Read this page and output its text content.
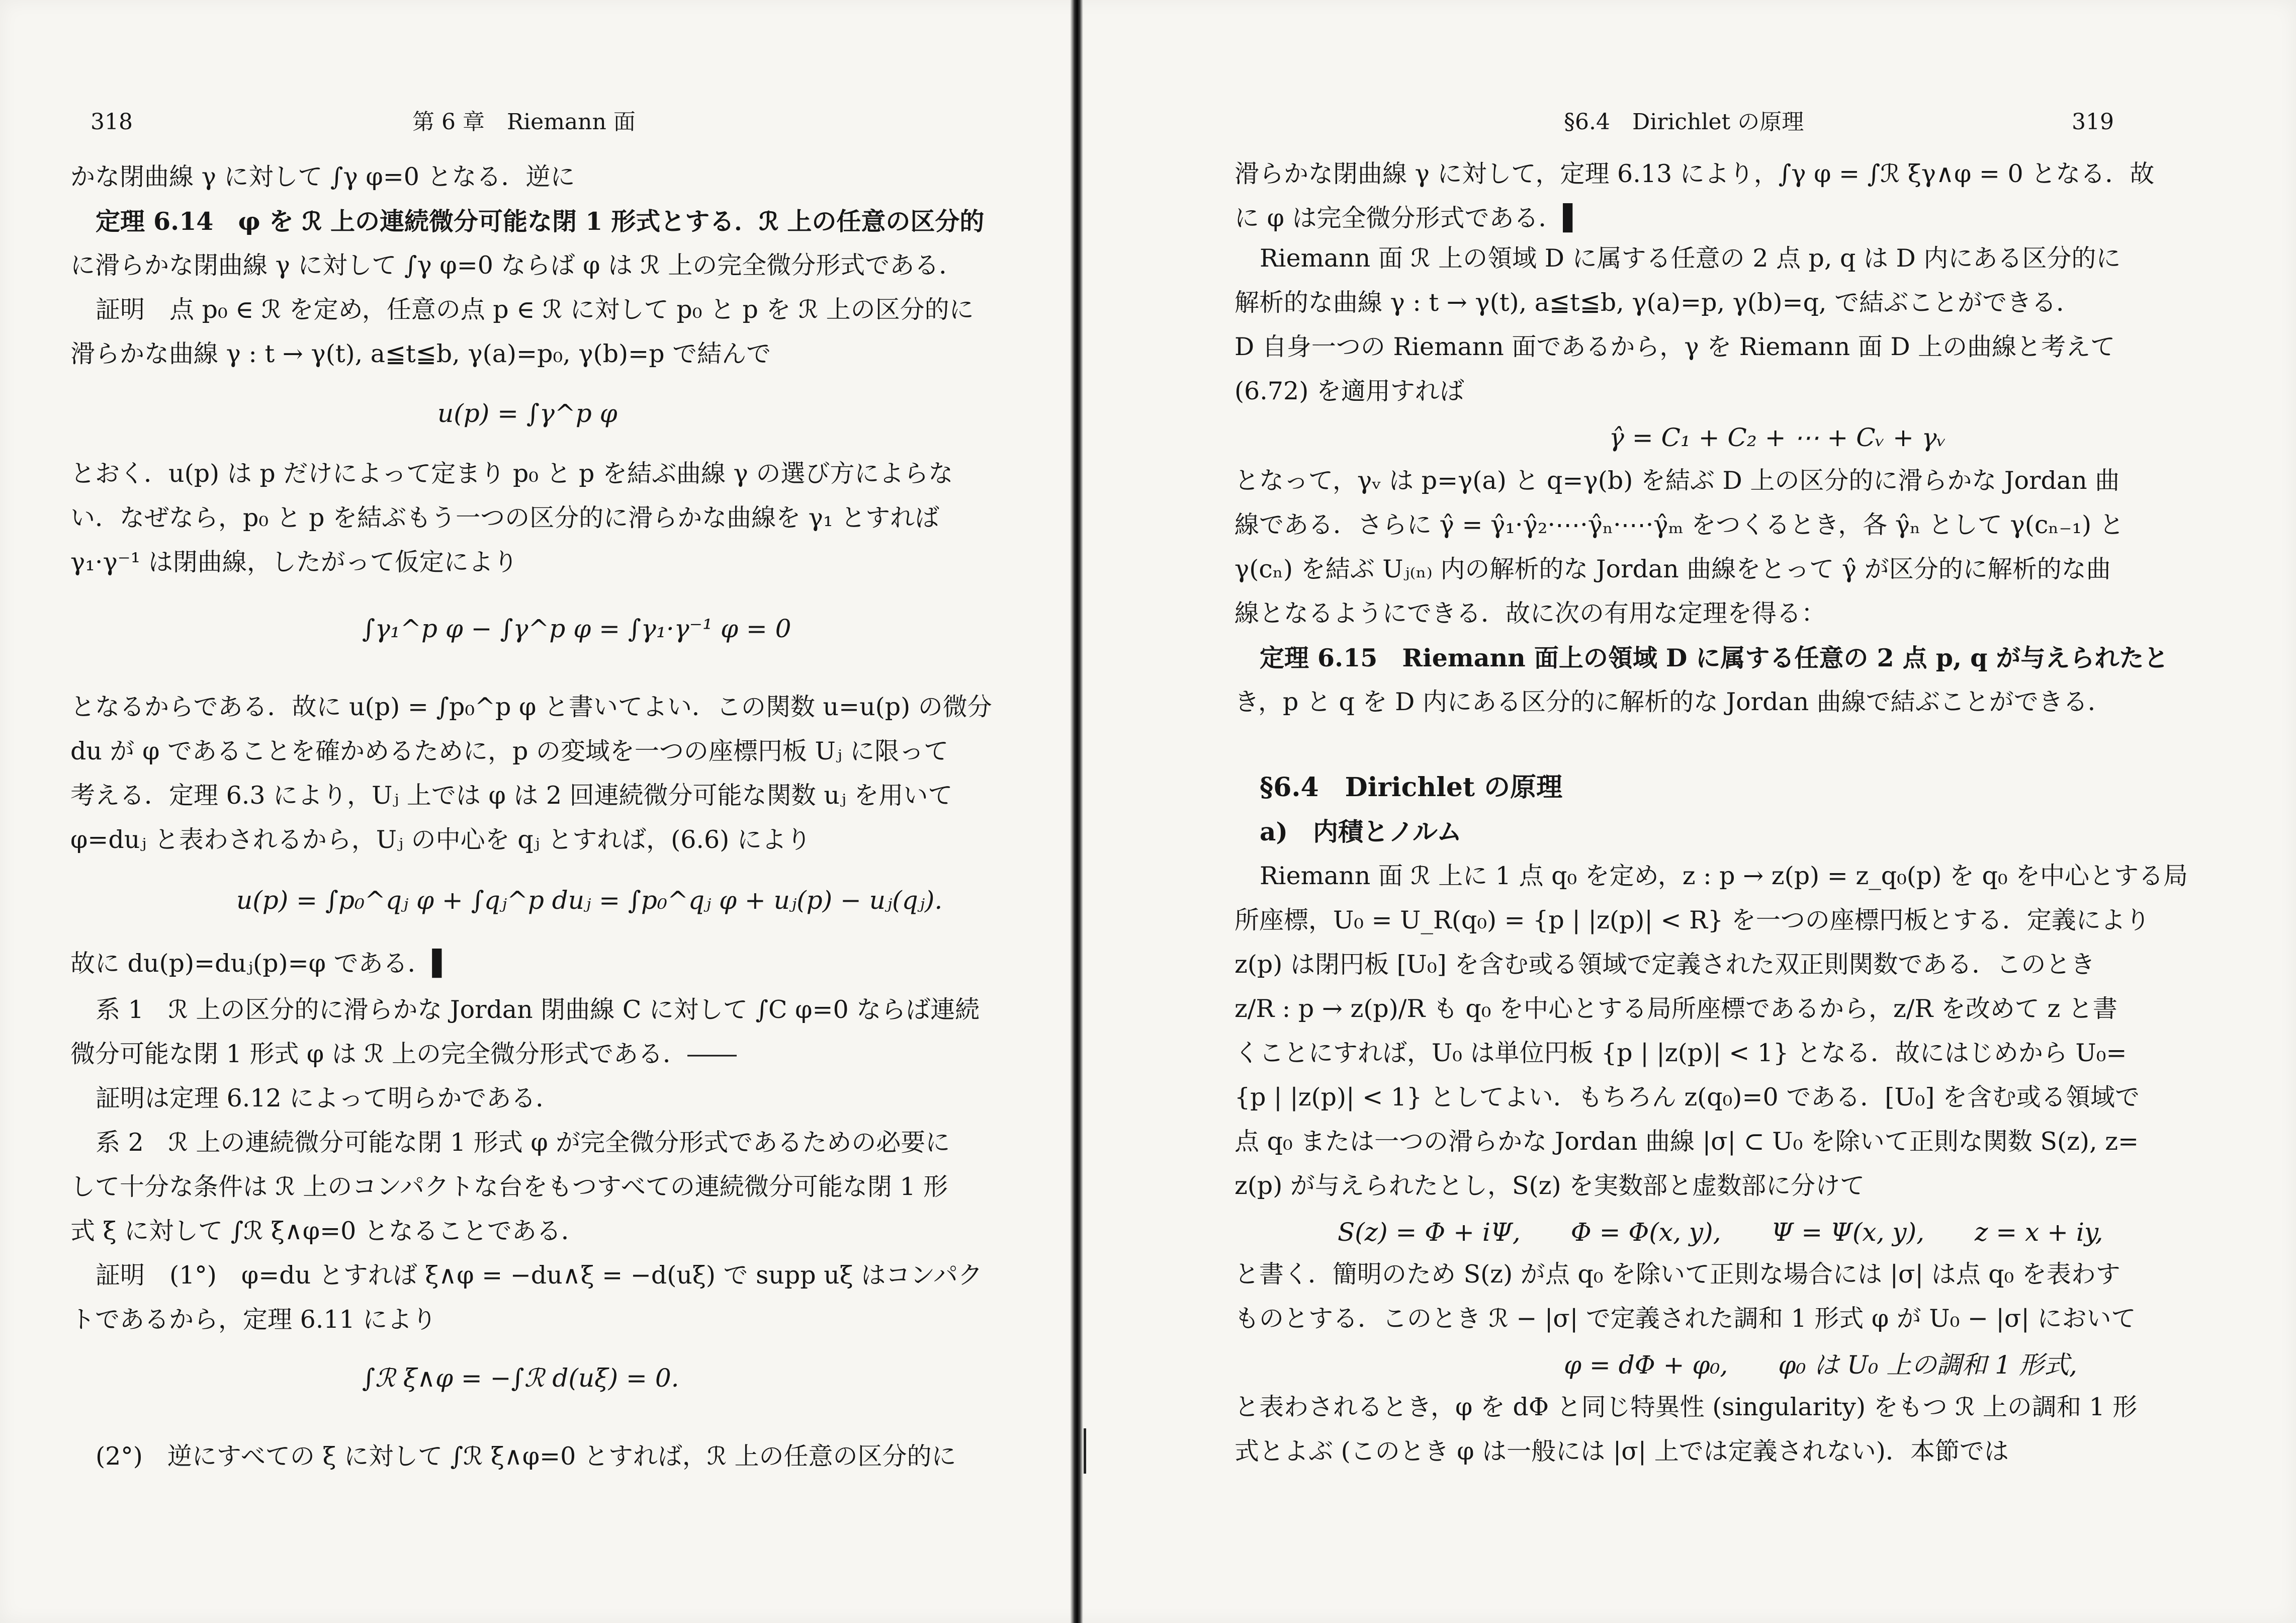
318	第 6 章　Riemann 面
かな閉曲線 γ に対して ∫γ φ=0 となる．逆に
定理 6.14　φ を ℛ 上の連続微分可能な閉 1 形式とする．ℛ 上の任意の区分的
に滑らかな閉曲線 γ に対して ∫γ φ=0 ならば φ は ℛ 上の完全微分形式である．
証明　点 p₀ ∈ ℛ を定め，任意の点 p ∈ ℛ に対して p₀ と p を ℛ 上の区分的に
滑らかな曲線 γ : t → γ(t), a≦t≦b, γ(a)=p₀, γ(b)=p で結んで
u(p) = ∫γ^p φ
とおく．u(p) は p だけによって定まり p₀ と p を結ぶ曲線 γ の選び方によらな
い．なぜなら，p₀ と p を結ぶもう一つの区分的に滑らかな曲線を γ₁ とすれば
γ₁·γ⁻¹ は閉曲線，したがって仮定により
∫γ₁^p φ − ∫γ^p φ = ∫γ₁·γ⁻¹ φ = 0
となるからである．故に u(p) = ∫p₀^p φ と書いてよい．この関数 u=u(p) の微分
du が φ であることを確かめるために，p の変域を一つの座標円板 Uⱼ に限って
考える．定理 6.3 により，Uⱼ 上では φ は 2 回連続微分可能な関数 uⱼ を用いて
φ=duⱼ と表わされるから，Uⱼ の中心を qⱼ とすれば，(6.6) により
u(p) = ∫p₀^qⱼ φ + ∫qⱼ^p duⱼ = ∫p₀^qⱼ φ + uⱼ(p) − uⱼ(qⱼ).
故に du(p)=duⱼ(p)=φ である．▌
系 1　ℛ 上の区分的に滑らかな Jordan 閉曲線 C に対して ∫C φ=0 ならば連続
微分可能な閉 1 形式 φ は ℛ 上の完全微分形式である．――
証明は定理 6.12 によって明らかである．
系 2　ℛ 上の連続微分可能な閉 1 形式 φ が完全微分形式であるための必要に
して十分な条件は ℛ 上のコンパクトな台をもつすべての連続微分可能な閉 1 形
式 ξ に対して ∫ℛ ξ∧φ=0 となることである．
証明　(1°)　φ=du とすれば ξ∧φ = −du∧ξ = −d(uξ) で supp uξ はコンパク
トであるから，定理 6.11 により
∫ℛ ξ∧φ = −∫ℛ d(uξ) = 0.
(2°)　逆にすべての ξ に対して ∫ℛ ξ∧φ=0 とすれば，ℛ 上の任意の区分的に
§6.4　Dirichlet の原理	319
滑らかな閉曲線 γ に対して，定理 6.13 により，∫γ φ = ∫ℛ ξγ∧φ = 0 となる．故
に φ は完全微分形式である．▌
Riemann 面 ℛ 上の領域 D に属する任意の 2 点 p, q は D 内にある区分的に
解析的な曲線 γ : t → γ(t), a≦t≦b, γ(a)=p, γ(b)=q, で結ぶことができる．
D 自身一つの Riemann 面であるから，γ を Riemann 面 D 上の曲線と考えて
(6.72) を適用すれば
γ̂ = C₁ + C₂ + ⋯ + Cᵥ + γᵥ
となって，γᵥ は p=γ(a) と q=γ(b) を結ぶ D 上の区分的に滑らかな Jordan 曲
線である．さらに γ̂ = γ̂₁·γ̂₂·⋯·γ̂ₙ·⋯·γ̂ₘ をつくるとき，各 γ̂ₙ として γ(cₙ₋₁) と
γ(cₙ) を結ぶ Uⱼ₍ₙ₎ 内の解析的な Jordan 曲線をとって γ̂ が区分的に解析的な曲
線となるようにできる．故に次の有用な定理を得る：
定理 6.15　Riemann 面上の領域 D に属する任意の 2 点 p, q が与えられたと
き，p と q を D 内にある区分的に解析的な Jordan 曲線で結ぶことができる．
§6.4　Dirichlet の原理
a)　内積とノルム
Riemann 面 ℛ 上に 1 点 q₀ を定め，z : p → z(p) = z_q₀(p) を q₀ を中心とする局
所座標，U₀ = U_R(q₀) = {p | |z(p)| < R} を一つの座標円板とする．定義により
z(p) は閉円板 [U₀] を含む或る領域で定義された双正則関数である．このとき
z/R : p → z(p)/R も q₀ を中心とする局所座標であるから，z/R を改めて z と書
くことにすれば，U₀ は単位円板 {p | |z(p)| < 1} となる．故にはじめから U₀=
{p | |z(p)| < 1} としてよい．もちろん z(q₀)=0 である．[U₀] を含む或る領域で
点 q₀ または一つの滑らかな Jordan 曲線 |σ| ⊂ U₀ を除いて正則な関数 S(z), z=
z(p) が与えられたとし，S(z) を実数部と虚数部に分けて
S(z) = Φ + iΨ,　　Φ = Φ(x, y),　　Ψ = Ψ(x, y),　　z = x + iy,
と書く．簡明のため S(z) が点 q₀ を除いて正則な場合には |σ| は点 q₀ を表わす
ものとする．このとき ℛ − |σ| で定義された調和 1 形式 φ が U₀ − |σ| において
φ = dΦ + φ₀,　　φ₀ は U₀ 上の調和 1 形式,
と表わされるとき，φ を dΦ と同じ特異性 (singularity) をもつ ℛ 上の調和 1 形
式とよぶ (このとき φ は一般には |σ| 上では定義されない)．本節では
